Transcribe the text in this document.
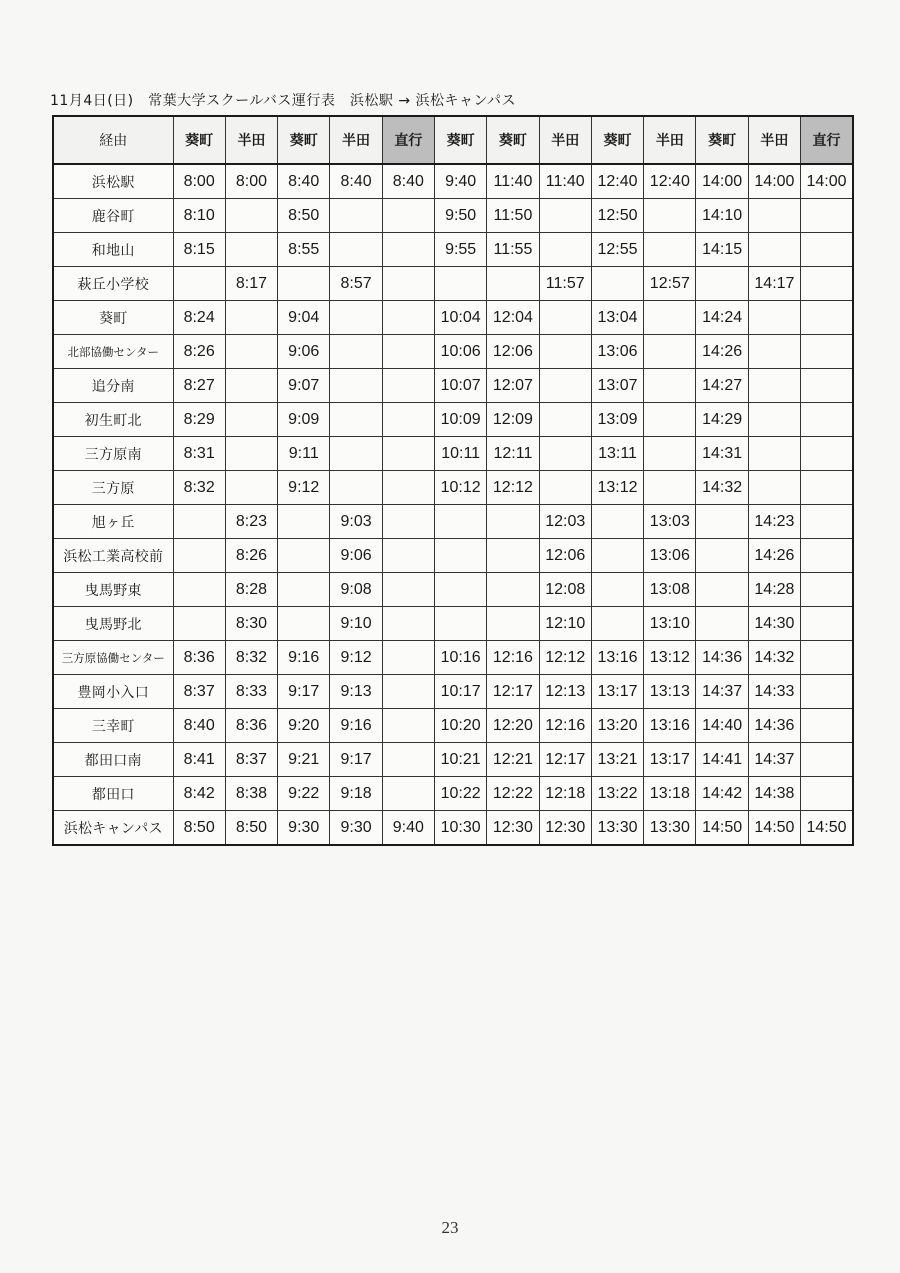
11月4日(日)　常葉大学スクールバス運行表　浜松駅 → 浜松キャンパス
経由	葵町	半田	葵町	半田	直行	葵町	葵町	半田	葵町	半田	葵町	半田	直行
浜松駅	8:00	8:00	8:40	8:40	8:40	9:40	11:40	11:40	12:40	12:40	14:00	14:00	14:00
鹿谷町	8:10		8:50			9:50	11:50		12:50		14:10		
和地山	8:15		8:55			9:55	11:55		12:55		14:15		
萩丘小学校		8:17		8:57				11:57		12:57		14:17	
葵町	8:24		9:04			10:04	12:04		13:04		14:24		
北部協働センター	8:26		9:06			10:06	12:06		13:06		14:26		
追分南	8:27		9:07			10:07	12:07		13:07		14:27		
初生町北	8:29		9:09			10:09	12:09		13:09		14:29		
三方原南	8:31		9:11			10:11	12:11		13:11		14:31		
三方原	8:32		9:12			10:12	12:12		13:12		14:32		
旭ヶ丘		8:23		9:03				12:03		13:03		14:23	
浜松工業高校前		8:26		9:06				12:06		13:06		14:26	
曳馬野東		8:28		9:08				12:08		13:08		14:28	
曳馬野北		8:30		9:10				12:10		13:10		14:30	
三方原協働センター	8:36	8:32	9:16	9:12		10:16	12:16	12:12	13:16	13:12	14:36	14:32	
豊岡小入口	8:37	8:33	9:17	9:13		10:17	12:17	12:13	13:17	13:13	14:37	14:33	
三幸町	8:40	8:36	9:20	9:16		10:20	12:20	12:16	13:20	13:16	14:40	14:36	
都田口南	8:41	8:37	9:21	9:17		10:21	12:21	12:17	13:21	13:17	14:41	14:37	
都田口	8:42	8:38	9:22	9:18		10:22	12:22	12:18	13:22	13:18	14:42	14:38	
浜松キャンパス	8:50	8:50	9:30	9:30	9:40	10:30	12:30	12:30	13:30	13:30	14:50	14:50	14:50
23
